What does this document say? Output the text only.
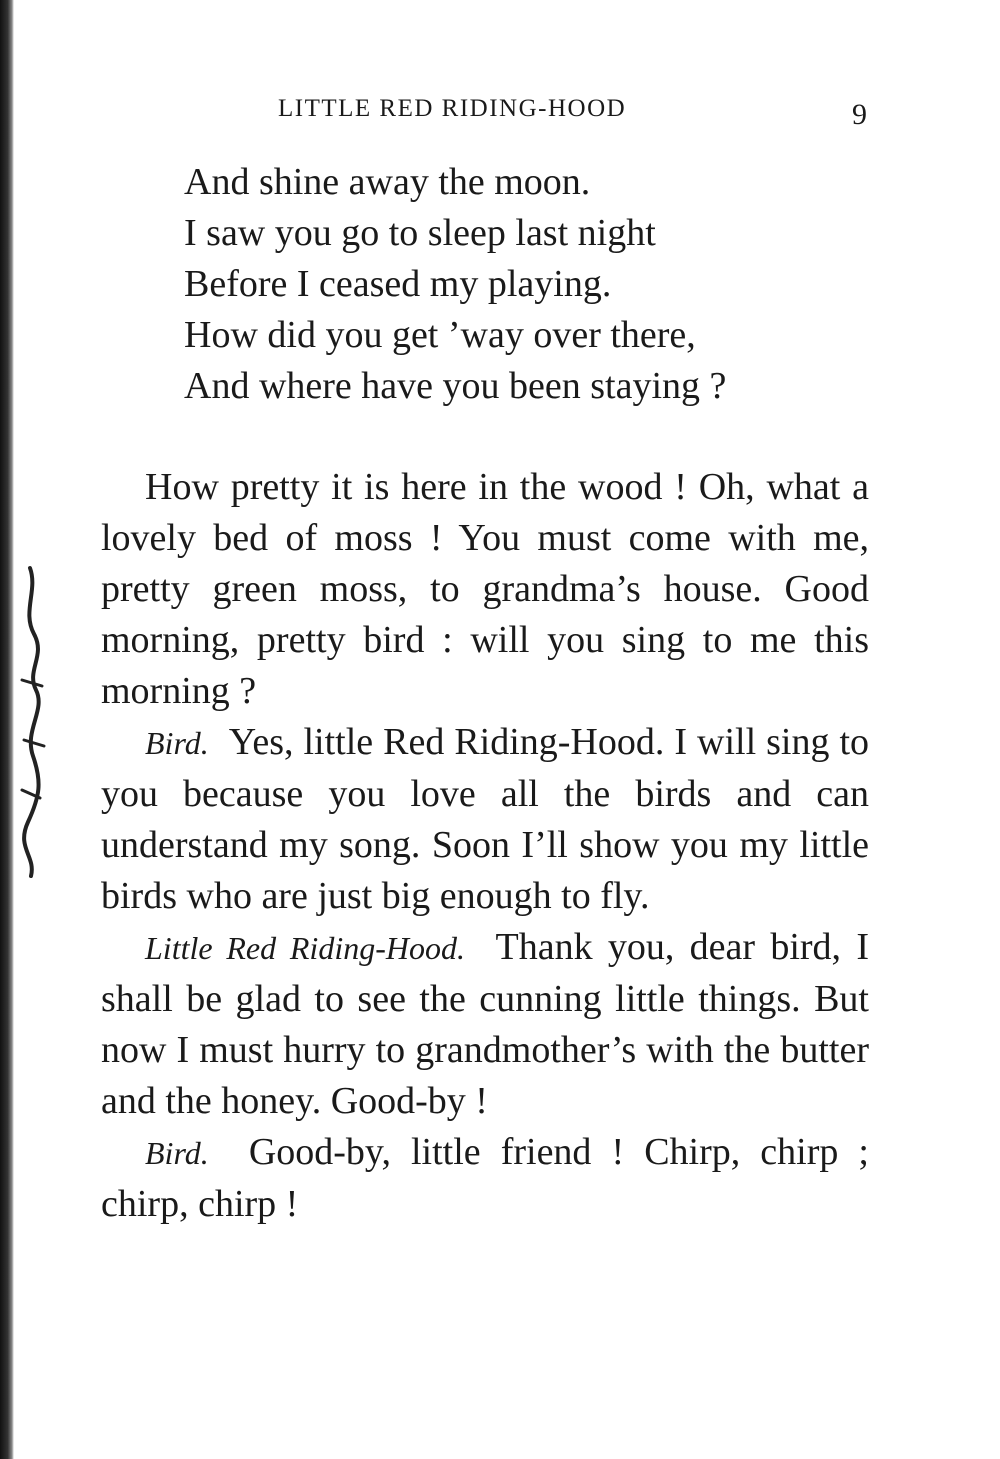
LITTLE RED RIDING-HOOD	9
And shine away the moon.
I saw you go to sleep last night
Before I ceased my playing.
How did you get ’way over there,
And where have you been staying ?

How pretty it is here in the wood ! Oh, what a lovely bed of moss ! You must come with me, pretty green moss, to grandma’s house. Good morning, pretty bird : will you sing to me this morning ?

Bird. Yes, little Red Riding-Hood. I will sing to you because you love all the birds and can understand my song. Soon I’ll show you my little birds who are just big enough to fly.

Little Red Riding-Hood. Thank you, dear bird, I shall be glad to see the cunning little things. But now I must hurry to grandmother’s with the butter and the honey. Good-by !

Bird. Good-by, little friend ! Chirp, chirp ; chirp, chirp !
